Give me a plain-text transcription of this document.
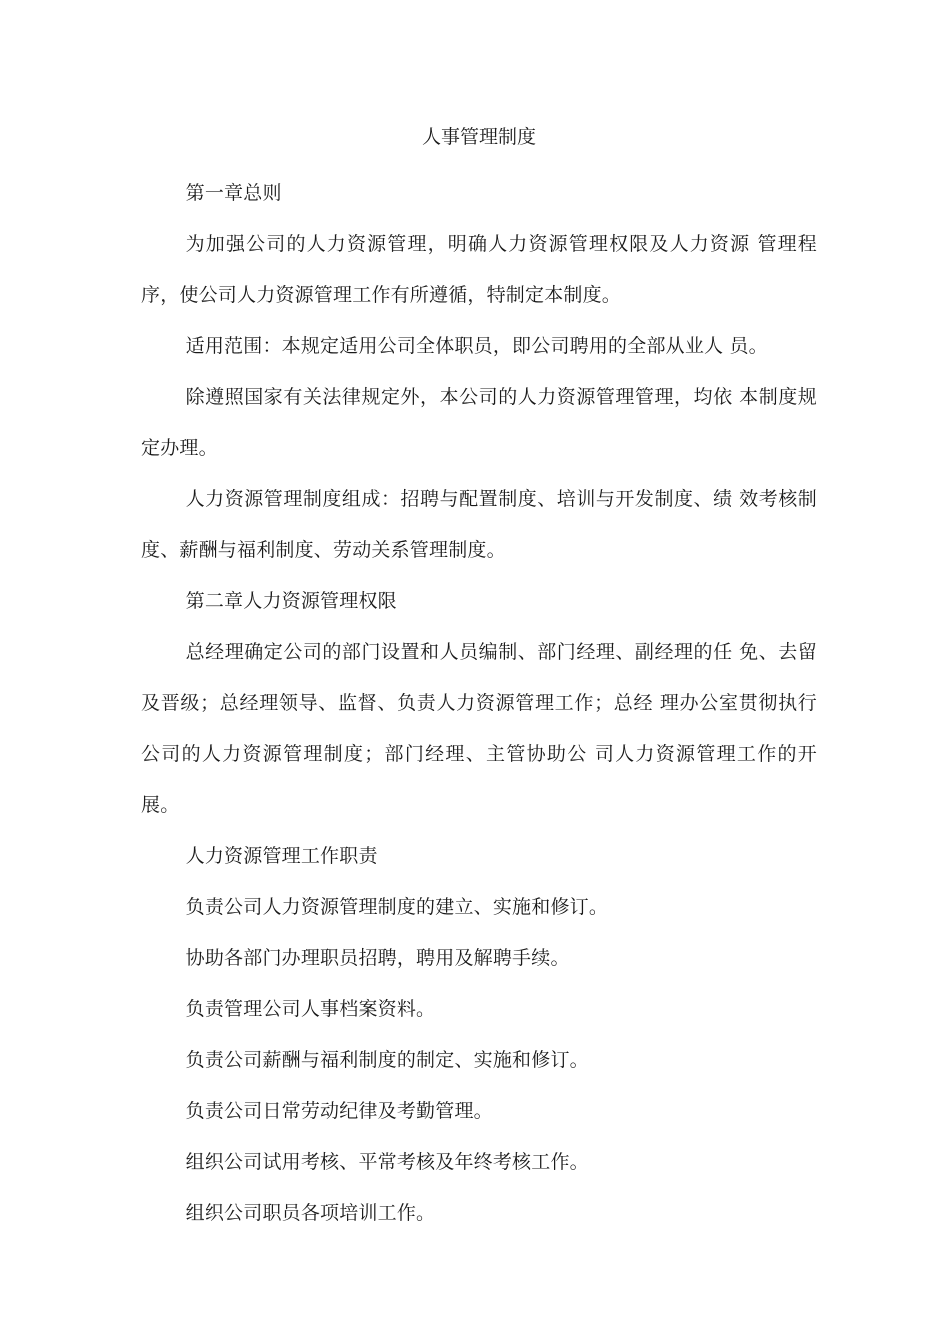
人事管理制度

第一章总则

为加强公司的人力资源管理，明确人力资源管理权限及人力资源 管理程序，使公司人力资源管理工作有所遵循，特制定本制度。

适用范围：本规定适用公司全体职员，即公司聘用的全部从业人 员。

除遵照国家有关法律规定外，本公司的人力资源管理管理，均依 本制度规定办理。

人力资源管理制度组成：招聘与配置制度、培训与开发制度、绩 效考核制度、薪酬与福利制度、劳动关系管理制度。

第二章人力资源管理权限

总经理确定公司的部门设置和人员编制、部门经理、副经理的任 免、去留及晋级；总经理领导、监督、负责人力资源管理工作；总经 理办公室贯彻执行公司的人力资源管理制度；部门经理、主管协助公 司人力资源管理工作的开展。

人力资源管理工作职责

负责公司人力资源管理制度的建立、实施和修订。

协助各部门办理职员招聘，聘用及解聘手续。

负责管理公司人事档案资料。

负责公司薪酬与福利制度的制定、实施和修订。

负责公司日常劳动纪律及考勤管理。

组织公司试用考核、平常考核及年终考核工作。

组织公司职员各项培训工作。
